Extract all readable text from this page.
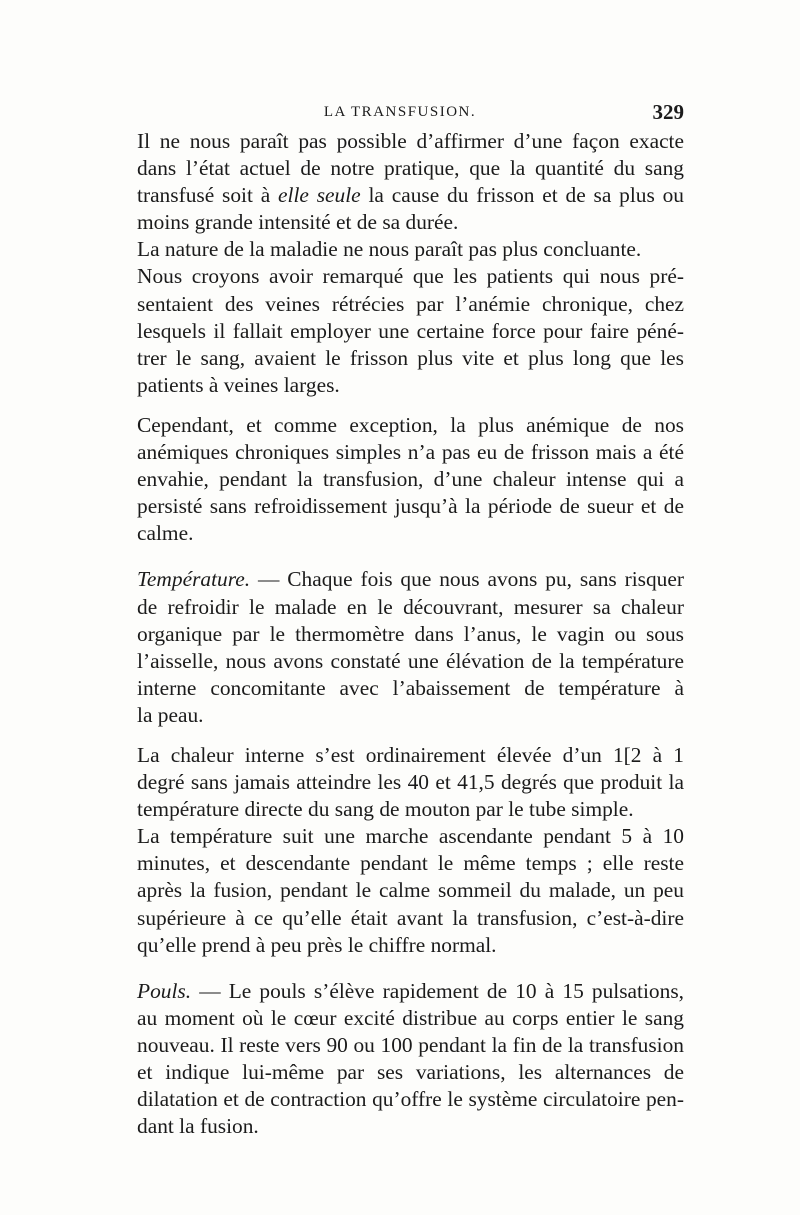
LA TRANSFUSION.	329

Il ne nous paraît pas possible d’affirmer d’une façon exacte
dans l’état actuel de notre pratique, que la quantité du sang
transfusé soit à elle seule la cause du frisson et de sa plus ou
moins grande intensité et de sa durée.

La nature de la maladie ne nous paraît pas plus concluante.

Nous croyons avoir remarqué que les patients qui nous pré-
sentaient des veines rétrécies par l’anémie chronique, chez
lesquels il fallait employer une certaine force pour faire péné-
trer le sang, avaient le frisson plus vite et plus long que les
patients à veines larges.

Cependant, et comme exception, la plus anémique de nos
anémiques chroniques simples n’a pas eu de frisson mais a été
envahie, pendant la transfusion, d’une chaleur intense qui a
persisté sans refroidissement jusqu’à la période de sueur et de
calme.

Température. — Chaque fois que nous avons pu, sans risquer
de refroidir le malade en le découvrant, mesurer sa chaleur
organique par le thermomètre dans l’anus, le vagin ou sous
l’aisselle, nous avons constaté une élévation de la température
interne concomitante avec l’abaissement de température à
la peau.

La chaleur interne s’est ordinairement élevée d’un 1[2 à 1
degré sans jamais atteindre les 40 et 41,5 degrés que produit la
température directe du sang de mouton par le tube simple.

La température suit une marche ascendante pendant 5 à 10
minutes, et descendante pendant le même temps ; elle reste
après la fusion, pendant le calme sommeil du malade, un peu
supérieure à ce qu’elle était avant la transfusion, c’est-à-dire
qu’elle prend à peu près le chiffre normal.

Pouls. — Le pouls s’élève rapidement de 10 à 15 pulsations,
au moment où le cœur excité distribue au corps entier le sang
nouveau. Il reste vers 90 ou 100 pendant la fin de la transfusion
et indique lui-même par ses variations, les alternances de
dilatation et de contraction qu’offre le système circulatoire pen-
dant la fusion.
